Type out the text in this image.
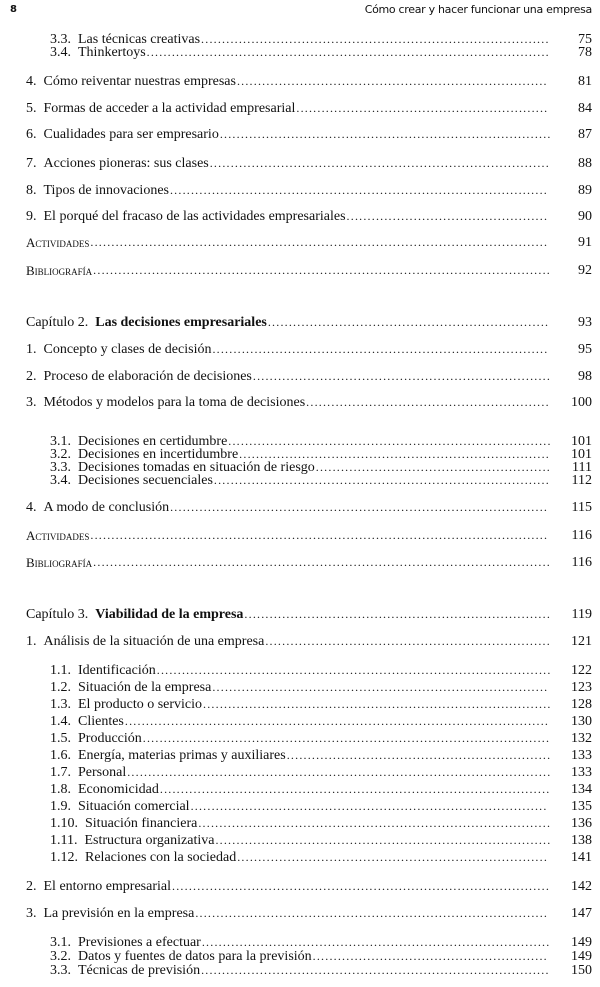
8	Cómo crear y hacer funcionar una empresa
3.3. Las técnicas creativas ...................................................................................	75
3.4. Thinkertoys ................................................................................................	78
4. Cómo reiventar nuestras empresas ..........................................................................	81
5. Formas de acceder a la actividad empresarial ............................................................	84
6. Cualidades para ser empresario ...............................................................................	87
7. Acciones pioneras: sus clases .................................................................................	88
8. Tipos de innovaciones ..........................................................................................	89
9. El porqué del fracaso de las actividades empresariales ................................................	90
Actividades .............................................................................................................	91
Bibliografía .............................................................................................................	92
Capítulo 2. Las decisiones empresariales ...................................................................	93
1. Concepto y clases de decisión ................................................................................	95
2. Proceso de elaboración de decisiones .......................................................................	98
3. Métodos y modelos para la toma de decisiones ..........................................................	100
3.1. Decisiones en certidumbre .............................................................................	101
3.2. Decisiones en incertidumbre ..........................................................................	101
3.3. Decisiones tomadas en situación de riesgo ........................................................	111
3.4. Decisiones secuenciales ................................................................................	112
4. A modo de conclusión ..........................................................................................	115
Actividades .............................................................................................................	116
Bibliografía .............................................................................................................	116
Capítulo 3. Viabilidad de la empresa .........................................................................	119
1. Análisis de la situación de una empresa ....................................................................	121
1.1. Identificación ..............................................................................................	122
1.2. Situación de la empresa ................................................................................	123
1.3. El producto o servicio ...................................................................................	128
1.4. Clientes .....................................................................................................	130
1.5. Producción .................................................................................................	132
1.6. Energía, materias primas y auxiliares ...............................................................	133
1.7. Personal .....................................................................................................	133
1.8. Economicidad .............................................................................................	134
1.9. Situación comercial .....................................................................................	135
1.10. Situación financiera ....................................................................................	136
1.11. Estructura organizativa ................................................................................	138
1.12. Relaciones con la sociedad ..........................................................................	141
2. El entorno empresarial ..........................................................................................	142
3. La previsión en la empresa ....................................................................................	147
3.1. Previsiones a efectuar ...................................................................................	149
3.2. Datos y fuentes de datos para la previsión ........................................................	149
3.3. Técnicas de previsión ...................................................................................	150
